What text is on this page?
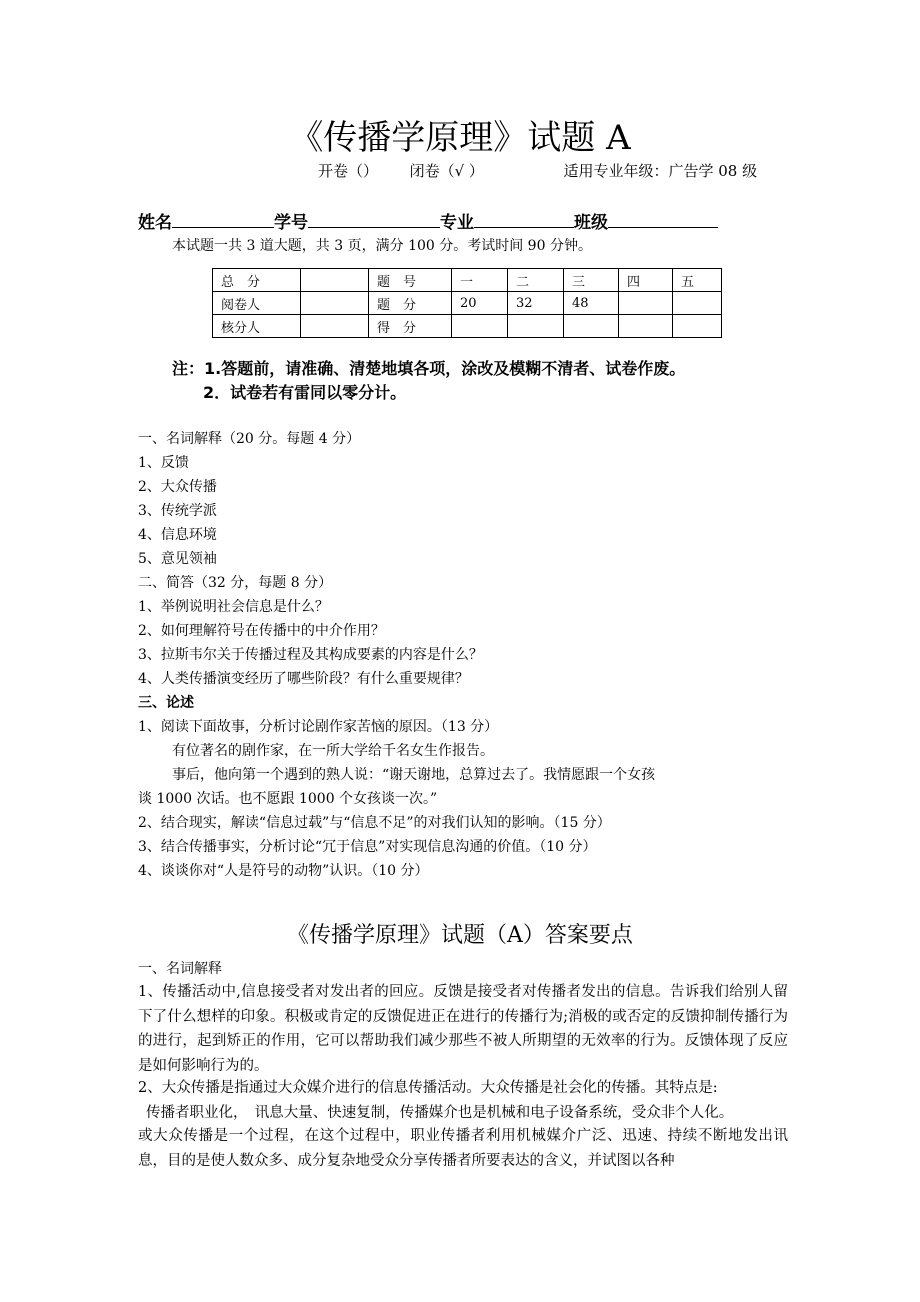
《传播学原理》试题 A
开卷（） 闭卷（√ ）	适用专业年级：广告学 08 级
姓名	学号	专业	班级
本试题一共 3 道大题，共 3 页，满分 100 分。考试时间 90 分钟。
总　分		题　号	一	二	三	四	五
阅卷人		题　分	20	32	48		
核分人		得　分					
注：1.答题前，请准确、清楚地填各项，涂改及模糊不清者、试卷作废。
2．试卷若有雷同以零分计。
一、名词解释（20 分。每题 4 分）
1、反馈
2、大众传播
3、传统学派
4、信息环境
5、意见领袖
二、简答（32 分，每题 8 分）
1、举例说明社会信息是什么？
2、如何理解符号在传播中的中介作用？
3、拉斯韦尔关于传播过程及其构成要素的内容是什么？
4、人类传播演变经历了哪些阶段？有什么重要规律？
三、论述
1、阅读下面故事，分析讨论剧作家苦恼的原因。（13 分）
有位著名的剧作家，在一所大学给千名女生作报告。
事后，他向第一个遇到的熟人说：“谢天谢地，总算过去了。我情愿跟一个女孩
谈 1000 次话。也不愿跟 1000 个女孩谈一次。”
2、结合现实，解读“信息过载”与“信息不足”的对我们认知的影响。（15 分）
3、结合传播事实，分析讨论“冗于信息”对实现信息沟通的价值。（10 分）
4、谈谈你对“人是符号的动物”认识。（10 分）
《传播学原理》试题（A）答案要点
一、名词解释
1、传播活动中,信息接受者对发出者的回应。反馈是接受者对传播者发出的信息。告诉我们给别人留下了什么想样的印象。积极或肯定的反馈促进正在进行的传播行为;消极的或否定的反馈抑制传播行为的进行，起到矫正的作用，它可以帮助我们减少那些不被人所期望的无效率的行为。反馈体现了反应是如何影响行为的。
2、大众传播是指通过大众媒介进行的信息传播活动。大众传播是社会化的传播。其特点是:
传播者职业化，　讯息大量、快速复制，传播媒介也是机械和电子设备系统，受众非个人化。
或大众传播是一个过程，在这个过程中，职业传播者利用机械媒介广泛、迅速、持续不断地发出讯息，目的是使人数众多、成分复杂地受众分享传播者所要表达的含义，并试图以各种
